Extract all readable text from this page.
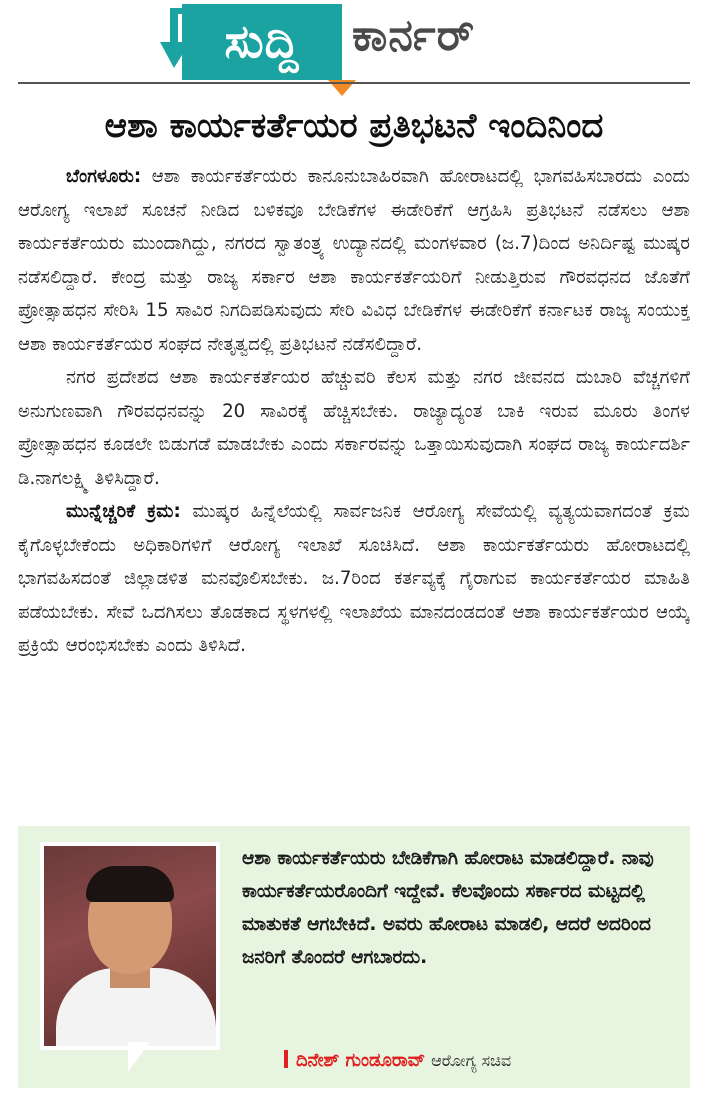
ಸುದ್ದಿ	ಕಾರ್ನರ್
ಆಶಾ ಕಾರ್ಯಕರ್ತೆಯರ ಪ್ರತಿಭಟನೆ ಇಂದಿನಿಂದ

ಬೆಂಗಳೂರು: ಆಶಾ ಕಾರ್ಯಕರ್ತೆಯರು ಕಾನೂನುಬಾಹಿರವಾಗಿ ಹೋರಾಟದಲ್ಲಿ ಭಾಗವಹಿಸಬಾರದು ಎಂದು ಆರೋಗ್ಯ ಇಲಾಖೆ ಸೂಚನೆ ನೀಡಿದ ಬಳಿಕವೂ ಬೇಡಿಕೆಗಳ ಈಡೇರಿಕೆಗೆ ಆಗ್ರಹಿಸಿ ಪ್ರತಿಭಟನೆ ನಡೆಸಲು ಆಶಾ ಕಾರ್ಯಕರ್ತೆಯರು ಮುಂದಾಗಿದ್ದು, ನಗರದ ಸ್ವಾತಂತ್ರ್ಯ ಉದ್ಯಾನದಲ್ಲಿ ಮಂಗಳವಾರ (ಜ.7)ದಿಂದ ಅನಿರ್ದಿಷ್ಟ ಮುಷ್ಕರ ನಡೆಸಲಿದ್ದಾರೆ. ಕೇಂದ್ರ ಮತ್ತು ರಾಜ್ಯ ಸರ್ಕಾರ ಆಶಾ ಕಾರ್ಯಕರ್ತೆಯರಿಗೆ ನೀಡುತ್ತಿರುವ ಗೌರವಧನದ ಜೊತೆಗೆ ಪ್ರೋತ್ಸಾಹಧನ ಸೇರಿಸಿ 15 ಸಾವಿರ ನಿಗದಿಪಡಿಸುವುದು ಸೇರಿ ವಿವಿಧ ಬೇಡಿಕೆಗಳ ಈಡೇರಿಕೆಗೆ ಕರ್ನಾಟಕ ರಾಜ್ಯ ಸಂಯುಕ್ತ ಆಶಾ ಕಾರ್ಯಕರ್ತೆಯರ ಸಂಘದ ನೇತೃತ್ವದಲ್ಲಿ ಪ್ರತಿಭಟನೆ ನಡೆಸಲಿದ್ದಾರೆ.

ನಗರ ಪ್ರದೇಶದ ಆಶಾ ಕಾರ್ಯಕರ್ತೆಯರ ಹೆಚ್ಚುವರಿ ಕೆಲಸ ಮತ್ತು ನಗರ ಜೀವನದ ದುಬಾರಿ ವೆಚ್ಚಗಳಿಗೆ ಅನುಗುಣವಾಗಿ ಗೌರವಧನವನ್ನು 20 ಸಾವಿರಕ್ಕೆ ಹೆಚ್ಚಿಸಬೇಕು. ರಾಜ್ಯಾದ್ಯಂತ ಬಾಕಿ ಇರುವ ಮೂರು ತಿಂಗಳ ಪ್ರೋತ್ಸಾಹಧನ ಕೂಡಲೇ ಬಿಡುಗಡೆ ಮಾಡಬೇಕು ಎಂದು ಸರ್ಕಾರವನ್ನು ಒತ್ತಾಯಿಸುವುದಾಗಿ ಸಂಘದ ರಾಜ್ಯ ಕಾರ್ಯದರ್ಶಿ ಡಿ.ನಾಗಲಕ್ಷ್ಮಿ ತಿಳಿಸಿದ್ದಾರೆ.

ಮುನ್ನೆಚ್ಚರಿಕೆ ಕ್ರಮ: ಮುಷ್ಕರ ಹಿನ್ನೆಲೆಯಲ್ಲಿ ಸಾರ್ವಜನಿಕ ಆರೋಗ್ಯ ಸೇವೆಯಲ್ಲಿ ವ್ಯತ್ಯಯವಾಗದಂತೆ ಕ್ರಮ ಕೈಗೊಳ್ಳಬೇಕೆಂದು ಅಧಿಕಾರಿಗಳಿಗೆ ಆರೋಗ್ಯ ಇಲಾಖೆ ಸೂಚಿಸಿದೆ. ಆಶಾ ಕಾರ್ಯಕರ್ತೆಯರು ಹೋರಾಟದಲ್ಲಿ ಭಾಗವಹಿಸದಂತೆ ಜಿಲ್ಲಾಡಳಿತ ಮನವೊಲಿಸಬೇಕು. ಜ.7ರಿಂದ ಕರ್ತವ್ಯಕ್ಕೆ ಗೈರಾಗುವ ಕಾರ್ಯಕರ್ತೆಯರ ಮಾಹಿತಿ ಪಡೆಯಬೇಕು. ಸೇವೆ ಒದಗಿಸಲು ತೊಡಕಾದ ಸ್ಥಳಗಳಲ್ಲಿ ಇಲಾಖೆಯ ಮಾನದಂಡದಂತೆ ಆಶಾ ಕಾರ್ಯಕರ್ತೆಯರ ಆಯ್ಕೆ ಪ್ರಕ್ರಿಯೆ ಆರಂಭಿಸಬೇಕು ಎಂದು ತಿಳಿಸಿದೆ.

ಆಶಾ ಕಾರ್ಯಕರ್ತೆಯರು ಬೇಡಿಕೆಗಾಗಿ ಹೋರಾಟ ಮಾಡಲಿದ್ದಾರೆ. ನಾವು ಕಾರ್ಯಕರ್ತೆಯರೊಂದಿಗೆ ಇದ್ದೇವೆ. ಕೆಲವೊಂದು ಸರ್ಕಾರದ ಮಟ್ಟದಲ್ಲಿ ಮಾತುಕತೆ ಆಗಬೇಕಿದೆ. ಅವರು ಹೋರಾಟ ಮಾಡಲಿ, ಆದರೆ ಅದರಿಂದ ಜನರಿಗೆ ತೊಂದರೆ ಆಗಬಾರದು.
ದಿನೇಶ್ ಗುಂಡೂರಾವ್ ಆರೋಗ್ಯ ಸಚಿವ
